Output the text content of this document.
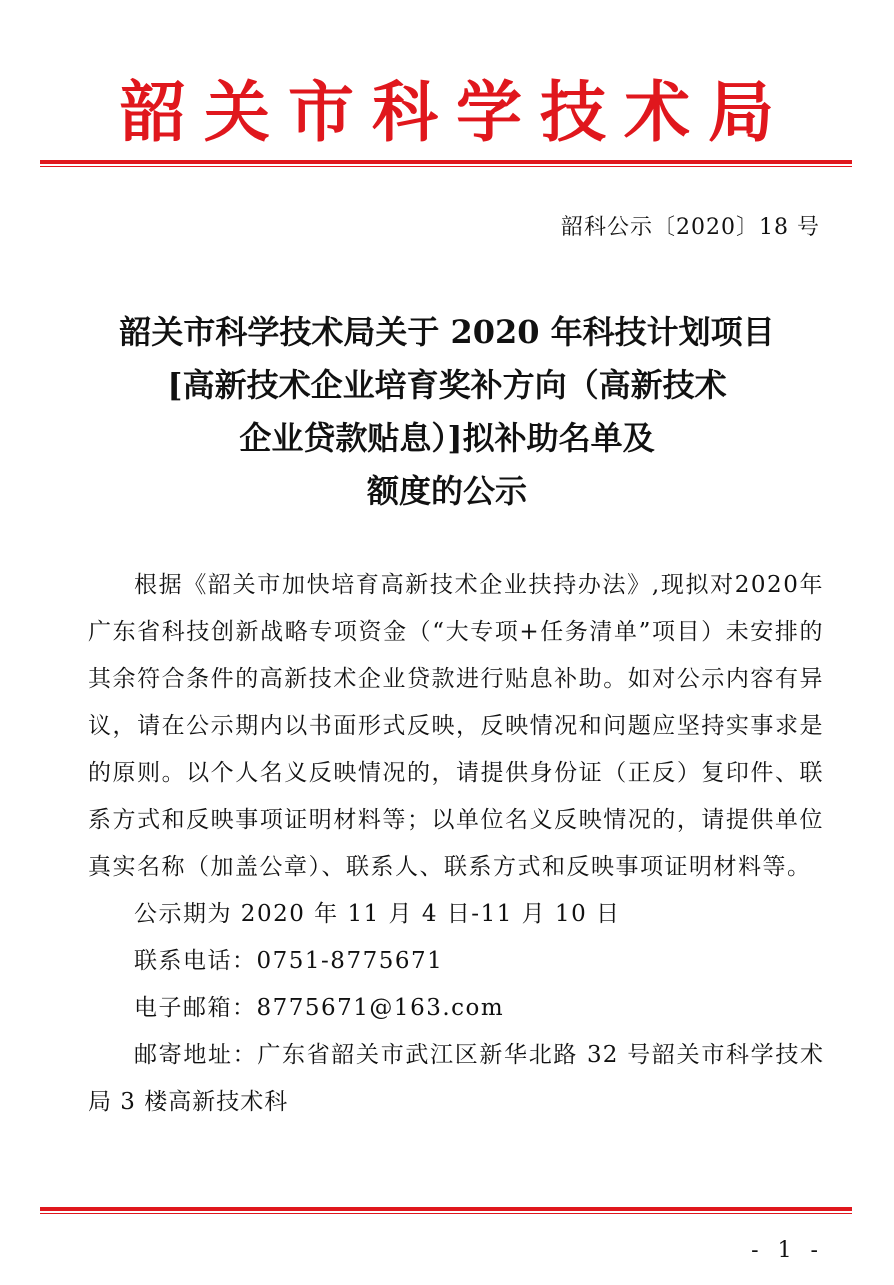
韶 关 市 科 学 技 术 局
韶科公示〔2020〕18 号
韶关市科学技术局关于 2020 年科技计划项目
[高新技术企业培育奖补方向（高新技术
企业贷款贴息）]拟补助名单及
额度的公示

根据《韶关市加快培育高新技术企业扶持办法》,现拟对2020年广东省科技创新战略专项资金（“大专项+任务清单”项目）未安排的其余符合条件的高新技术企业贷款进行贴息补助。如对公示内容有异议，请在公示期内以书面形式反映，反映情况和问题应坚持实事求是的原则。以个人名义反映情况的，请提供身份证（正反）复印件、联系方式和反映事项证明材料等；以单位名义反映情况的，请提供单位真实名称（加盖公章）、联系人、联系方式和反映事项证明材料等。

公示期为 2020 年 11 月 4 日-11 月 10 日

联系电话：0751-8775671

电子邮箱：8775671@163.com

邮寄地址：广东省韶关市武江区新华北路 32 号韶关市科学技术局 3 楼高新技术科

- 1 -
